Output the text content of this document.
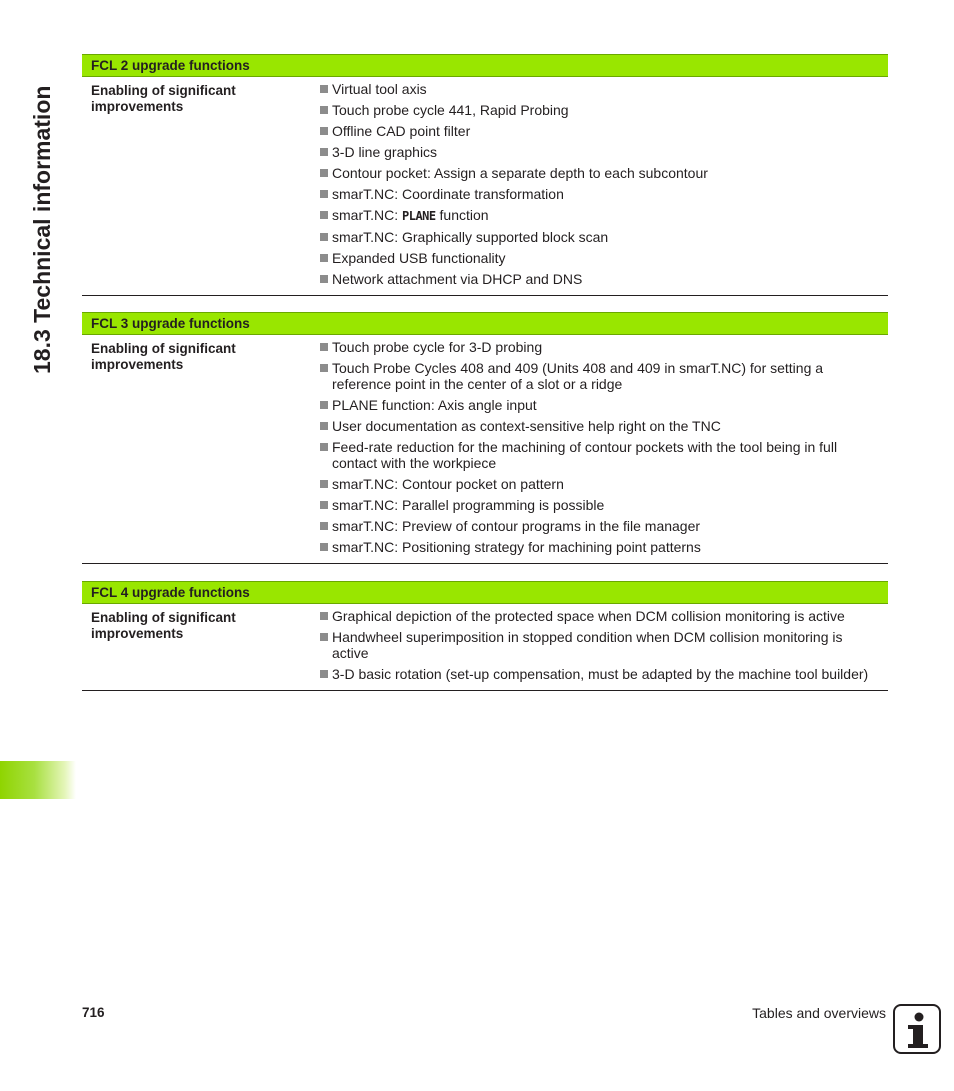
18.3 Technical information
FCL 2 upgrade functions
Enabling of significant improvements
Virtual tool axis
Touch probe cycle 441, Rapid Probing
Offline CAD point filter
3-D line graphics
Contour pocket: Assign a separate depth to each subcontour
smarT.NC: Coordinate transformation
smarT.NC: PLANE function
smarT.NC: Graphically supported block scan
Expanded USB functionality
Network attachment via DHCP and DNS
FCL 3 upgrade functions
Enabling of significant improvements
Touch probe cycle for 3-D probing
Touch Probe Cycles 408 and 409 (Units 408 and 409 in smarT.NC) for setting a reference point in the center of a slot or a ridge
PLANE function: Axis angle input
User documentation as context-sensitive help right on the TNC
Feed-rate reduction for the machining of contour pockets with the tool being in full contact with the workpiece
smarT.NC: Contour pocket on pattern
smarT.NC: Parallel programming is possible
smarT.NC: Preview of contour programs in the file manager
smarT.NC: Positioning strategy for machining point patterns
FCL 4 upgrade functions
Enabling of significant improvements
Graphical depiction of the protected space when DCM collision monitoring is active
Handwheel superimposition in stopped condition when DCM collision monitoring is active
3-D basic rotation (set-up compensation, must be adapted by the machine tool builder)
716	Tables and overviews
